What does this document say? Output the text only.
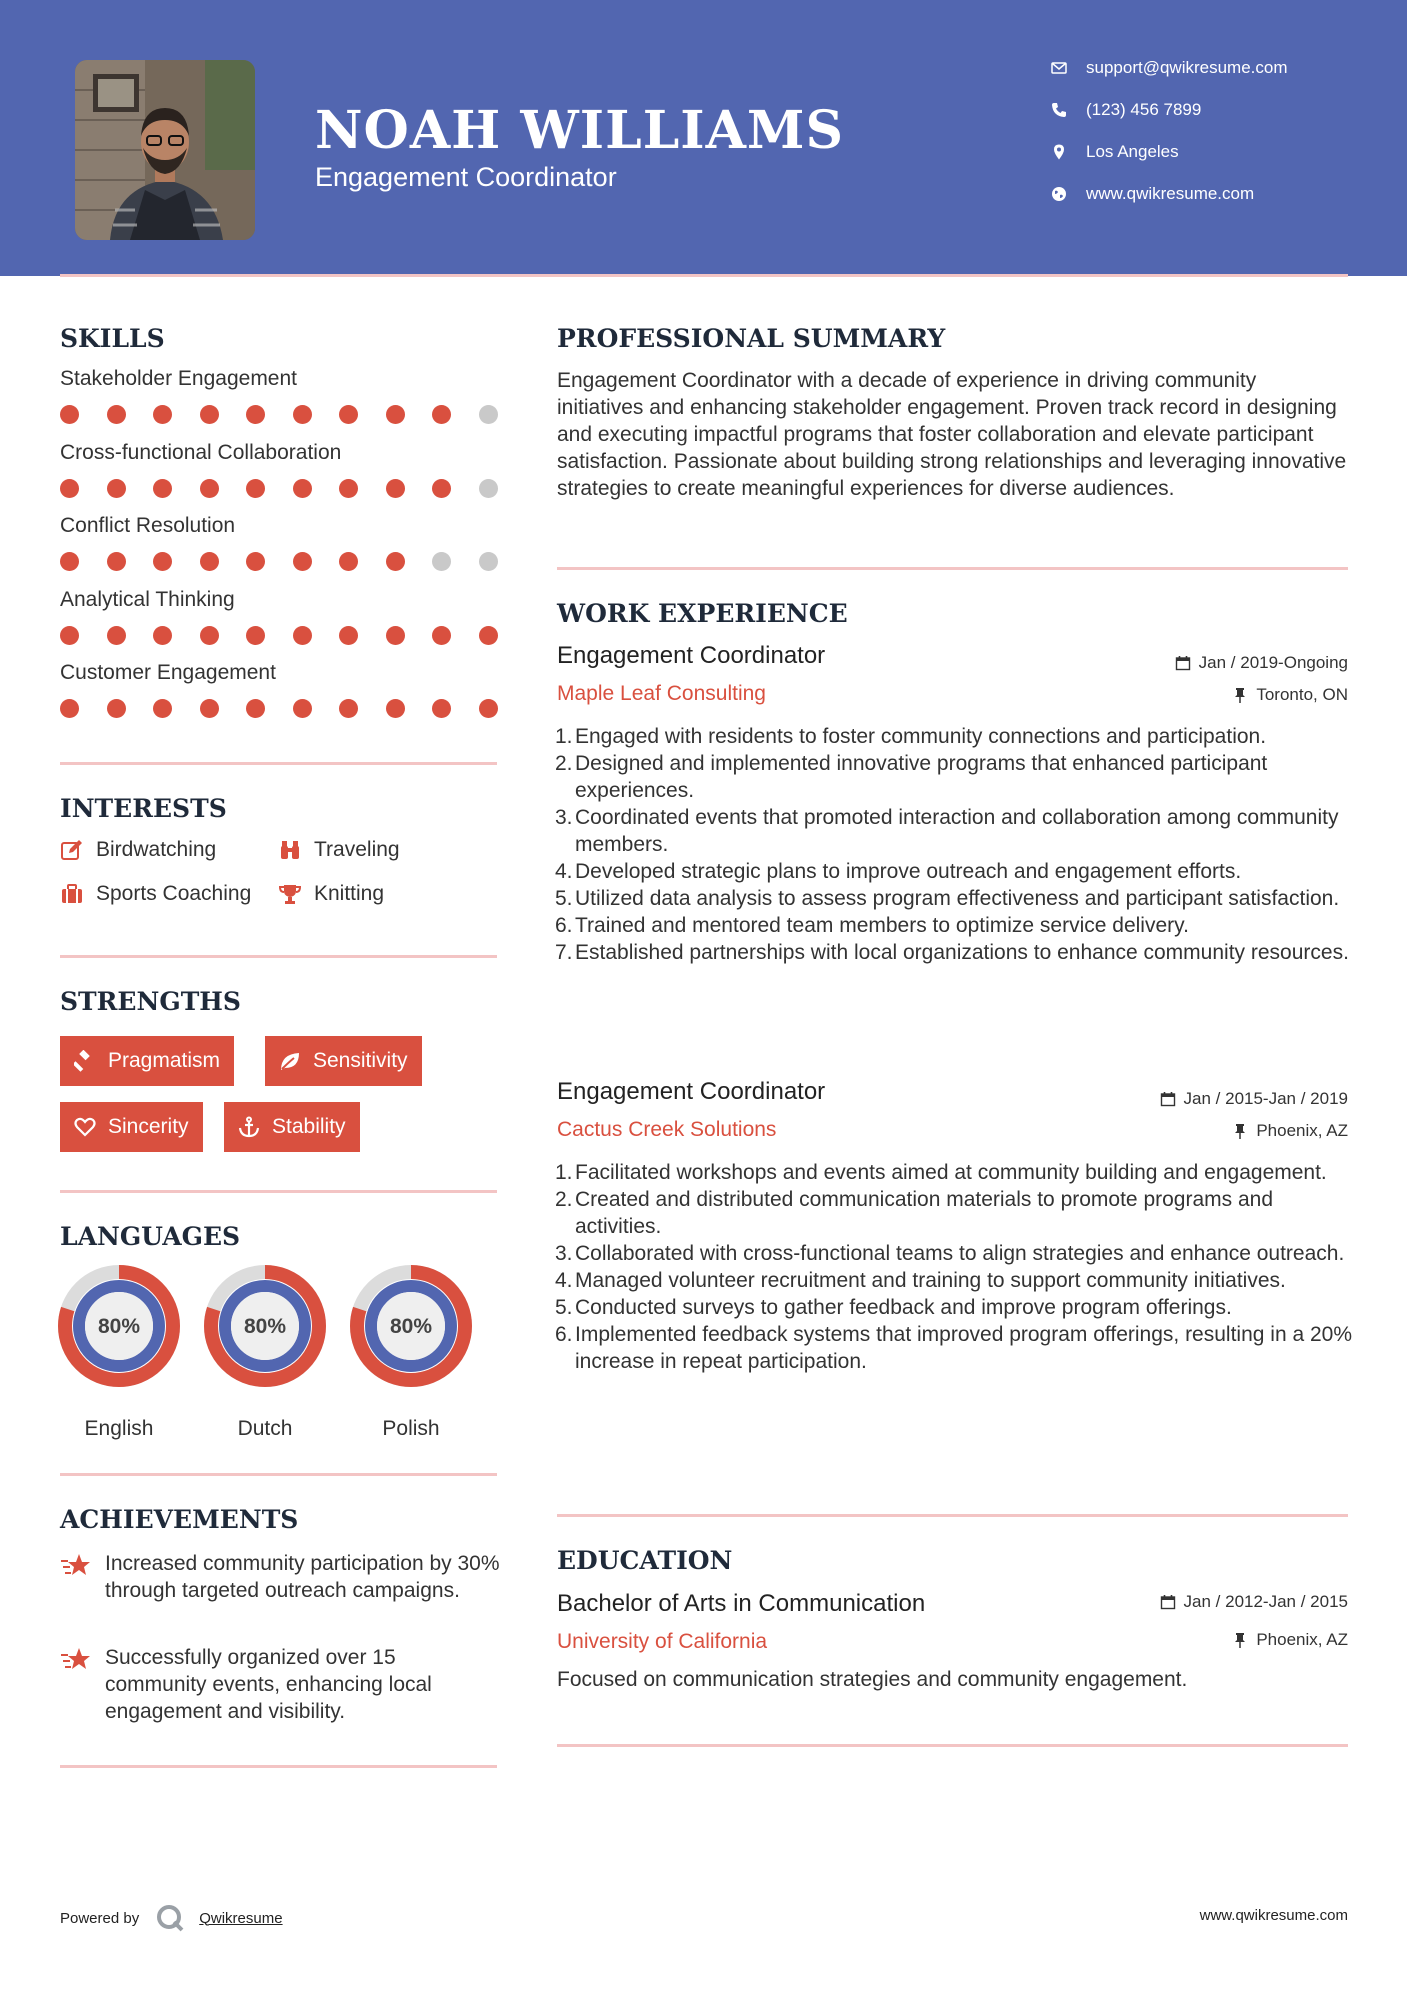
NOAH WILLIAMS
Engagement Coordinator
support@qwikresume.com
(123) 456 7899
Los Angeles
www.qwikresume.com
SKILLS
Stakeholder Engagement
Cross-functional Collaboration
Conflict Resolution
Analytical Thinking
Customer Engagement
INTERESTS
Birdwatching	Traveling
Sports Coaching	Knitting
STRENGTHS
Pragmatism	Sensitivity
Sincerity	Stability
LANGUAGES
80%
English
80%
Dutch
80%
Polish
ACHIEVEMENTS
Increased community participation by 30% through targeted outreach campaigns.
Successfully organized over 15 community events, enhancing local engagement and visibility.
PROFESSIONAL SUMMARY
Engagement Coordinator with a decade of experience in driving community initiatives and enhancing stakeholder engagement. Proven track record in designing and executing impactful programs that foster collaboration and elevate participant satisfaction. Passionate about building strong relationships and leveraging innovative strategies to create meaningful experiences for diverse audiences.
WORK EXPERIENCE
Engagement Coordinator
Maple Leaf Consulting
Jan / 2019-Ongoing
Toronto, ON
1. Engaged with residents to foster community connections and participation.
2. Designed and implemented innovative programs that enhanced participant experiences.
3. Coordinated events that promoted interaction and collaboration among community members.
4. Developed strategic plans to improve outreach and engagement efforts.
5. Utilized data analysis to assess program effectiveness and participant satisfaction.
6. Trained and mentored team members to optimize service delivery.
7. Established partnerships with local organizations to enhance community resources.
Engagement Coordinator
Cactus Creek Solutions
Jan / 2015-Jan / 2019
Phoenix, AZ
1. Facilitated workshops and events aimed at community building and engagement.
2. Created and distributed communication materials to promote programs and activities.
3. Collaborated with cross-functional teams to align strategies and enhance outreach.
4. Managed volunteer recruitment and training to support community initiatives.
5. Conducted surveys to gather feedback and improve program offerings.
6. Implemented feedback systems that improved program offerings, resulting in a 20% increase in repeat participation.
EDUCATION
Bachelor of Arts in Communication
University of California
Jan / 2012-Jan / 2015
Phoenix, AZ
Focused on communication strategies and community engagement.
Powered by	Qwikresume	www.qwikresume.com
